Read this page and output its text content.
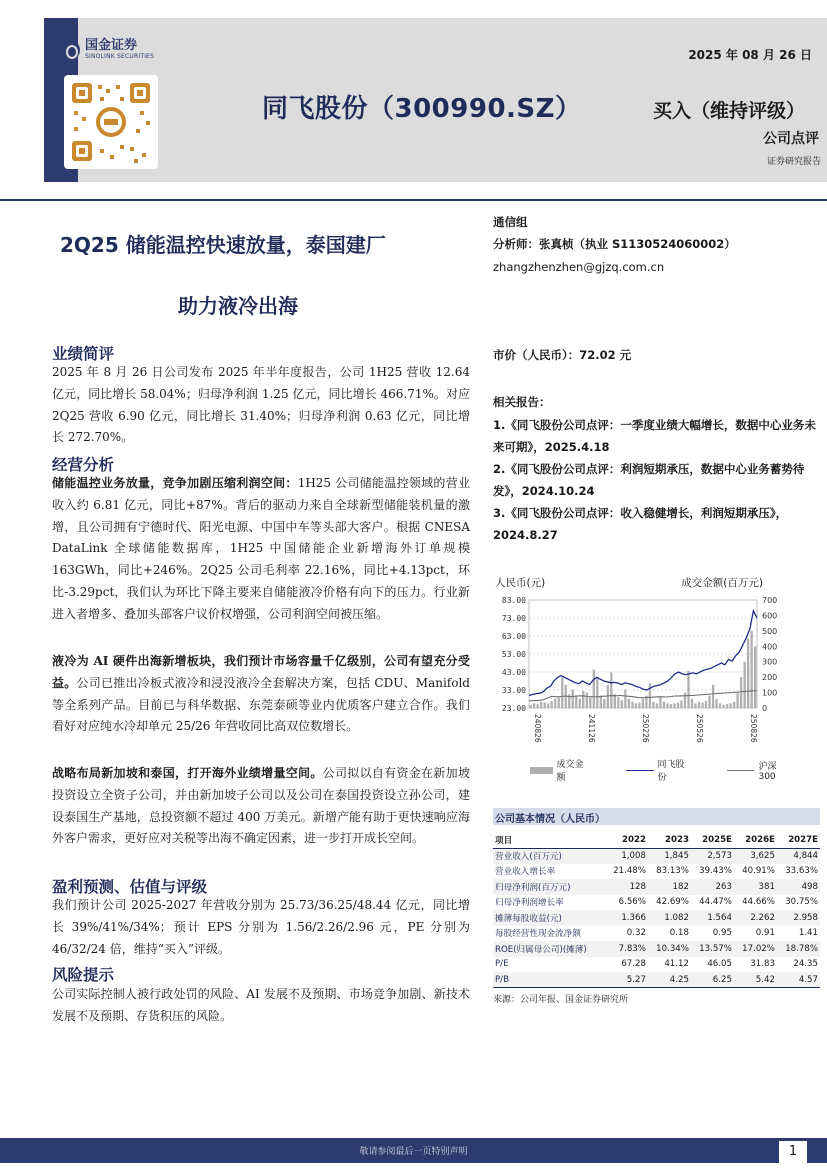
国金证券
SINOLINK SECURITIES	2025 年 08 月 26 日
同飞股份（300990.SZ）	买入（维持评级）
公司点评
证券研究报告
2Q25 储能温控快速放量，泰国建厂
助力液冷出海
业绩简评
2025 年 8 月 26 日公司发布 2025 年半年度报告，公司 1H25 营收 12.64 亿元，同比增长 58.04%；归母净利润 1.25 亿元，同比增长 466.71%。对应 2Q25 营收 6.90 亿元，同比增长 31.40%；归母净利润 0.63 亿元，同比增长 272.70%。
经营分析
储能温控业务放量，竞争加剧压缩利润空间：1H25 公司储能温控领域的营业收入约 6.81 亿元，同比+87%。背后的驱动力来自全球新型储能装机量的激增，且公司拥有宁德时代、阳光电源、中国中车等头部大客户。根据 CNESA DataLink 全球储能数据库，1H25 中国储能企业新增海外订单规模 163GWh，同比+246%。2Q25 公司毛利率 22.16%，同比+4.13pct，环比-3.29pct，我们认为环比下降主要来自储能液冷价格有向下的压力。行业新进入者增多、叠加头部客户议价权增强，公司利润空间被压缩。
液冷为 AI 硬件出海新增板块，我们预计市场容量千亿级别，公司有望充分受益。公司已推出冷板式液冷和浸没液冷全套解决方案，包括 CDU、Manifold 等全系列产品。目前已与科华数据、东莞泰硕等业内优质客户建立合作。我们看好对应纯水冷却单元 25/26 年营收同比高双位数增长。
战略布局新加坡和泰国，打开海外业绩增量空间。公司拟以自有资金在新加坡投资设立全资子公司，并由新加坡子公司以及公司在泰国投资设立孙公司，建设泰国生产基地，总投资额不超过 400 万美元。新增产能有助于更快速响应海外客户需求，更好应对关税等出海不确定因素，进一步打开成长空间。
盈利预测、估值与评级
我们预计公司 2025-2027 年营收分别为 25.73/36.25/48.44 亿元，同比增长 39%/41%/34%；预计 EPS 分别为 1.56/2.26/2.96 元，PE 分别为 46/32/24 倍，维持“买入”评级。
风险提示
公司实际控制人被行政处罚的风险、AI 发展不及预期、市场竞争加剧、新技术发展不及预期、存货积压的风险。
通信组
分析师：张真桢（执业 S1130524060002）
zhangzhenzhen@gjzq.com.cn
市价（人民币）：72.02 元
相关报告：
1.《同飞股份公司点评：一季度业绩大幅增长，数据中心业务未来可期》，2025.4.18
2.《同飞股份公司点评：利润短期承压，数据中心业务蓄势待发》，2024.10.24
3.《同飞股份公司点评：收入稳健增长，利润短期承压》，2024.8.27
人民币(元)	成交金额(百万元)
83.00
73.00
63.00
53.00
43.00
33.00
23.00
700
600
500
400
300
200
100
0
240826	241126	250226	250526	250826
成交金额
同飞股份
沪深300
公司基本情况（人民币）
项目	2022	2023	2025E	2026E	2027E
营业收入(百万元)	1,008	1,845	2,573	3,625	4,844
营业收入增长率	21.48%	83.13%	39.43%	40.91%	33.63%
归母净利润(百万元)	128	182	263	381	498
归母净利润增长率	6.56%	42.69%	44.47%	44.66%	30.75%
摊薄每股收益(元)	1.366	1.082	1.564	2.262	2.958
每股经营性现金流净额	0.32	0.18	0.95	0.91	1.41
ROE(归属母公司)(摊薄)	7.83%	10.34%	13.57%	17.02%	18.78%
P/E	67.28	41.12	46.05	31.83	24.35
P/B	5.27	4.25	6.25	5.42	4.57
来源：公司年报、国金证券研究所
敬请参阅最后一页特别声明	1
